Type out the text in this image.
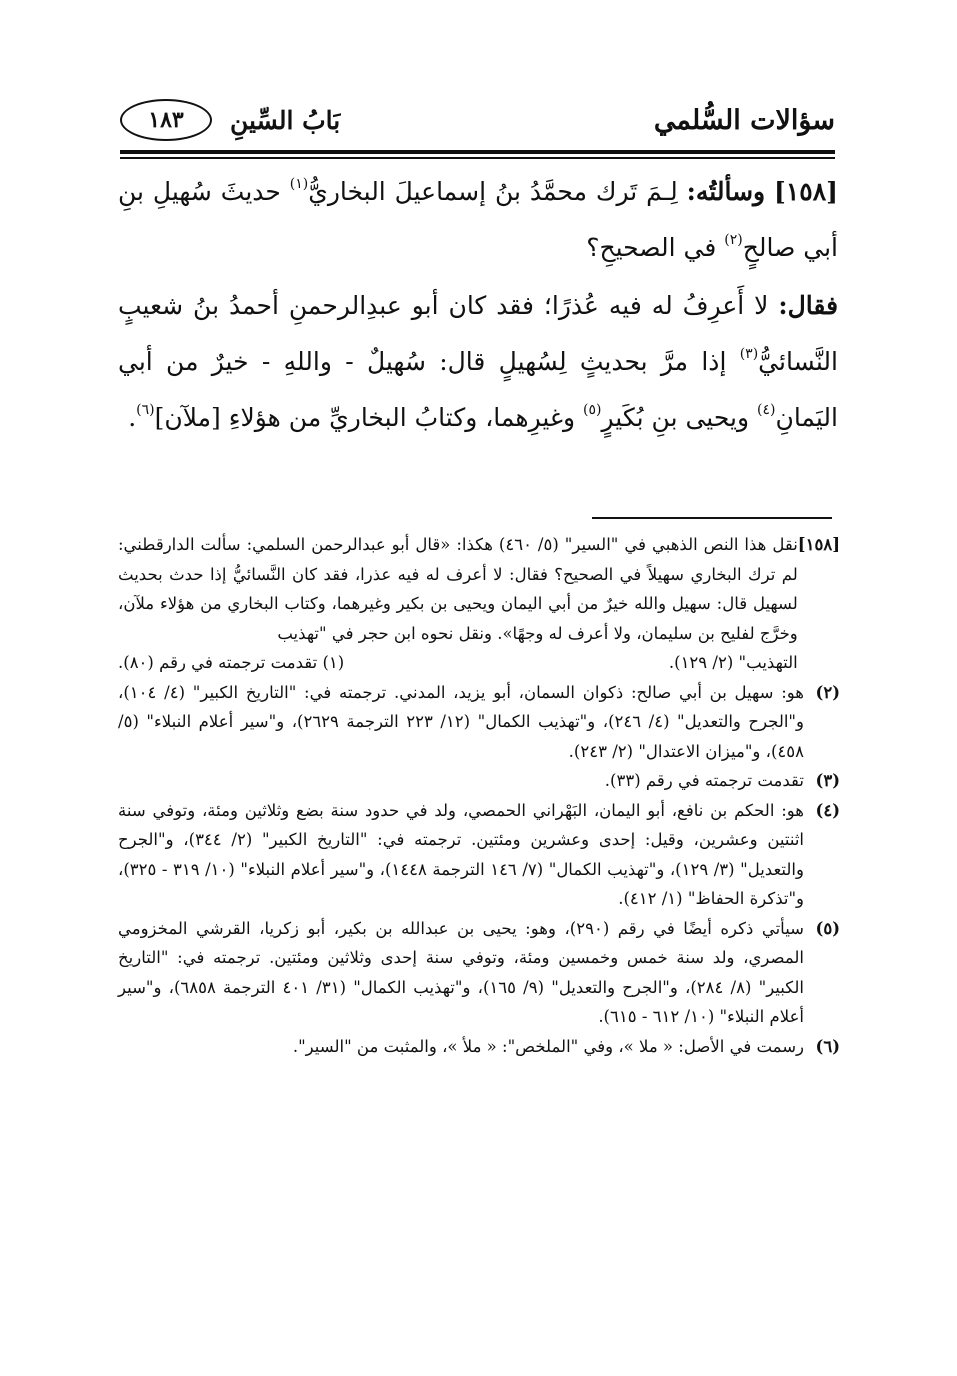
سؤالات السُّلمي
بَابُ السِّينِ
١٨٣

[١٥٨] وسألتُه: لِـمَ تَرك محمَّدُ بنُ إسماعيلَ البخاريُّ$^{(١)}$ حديثَ سُهيلِ بنِ أبي صالحٍ$^{(٢)}$ في الصحيحِ؟

فقال: لا أَعرِفُ له فيه عُذرًا؛ فقد كان أبو عبدِالرحمنِ أحمدُ بنُ شعيبٍ النَّسائيُّ$^{(٣)}$ إذا مرَّ بحديثٍ لِسُهيلٍ قال: سُهيلٌ - واللهِ - خيرٌ من أبي اليَمانِ$^{(٤)}$ ويحيى بنِ بُكَيرٍ$^{(٥)}$ وغيرِهما، وكتابُ البخاريِّ من هؤلاءِ [ملآن]$^{(٦)}$.

[١٥٨]
نقل هذا النص الذهبي في "السير" (٥/ ٤٦٠) هكذا: «قال أبو عبدالرحمن السلمي: سألت الدارقطني: لم ترك البخاري سهيلاً في الصحيح؟ فقال: لا أعرف له فيه عذرا، فقد كان النَّسائيُّ إذا حدث بحديث لسهيل قال: سهيل والله خيرٌ من أبي اليمان ويحيى بن بكير وغيرهما، وكتاب البخاري من هؤلاء ملآن، وخرَّج لفليح بن سليمان، ولا أعرف له وجهًا». ونقل نحوه ابن حجر في "تهذيب
التهذيب" (٢/ ١٢٩).
(١) تقدمت ترجمته في رقم (٨٠).
(٢)
هو: سهيل بن أبي صالح: ذكوان السمان، أبو يزيد، المدني. ترجمته في: "التاريخ الكبير" (٤/ ١٠٤)، و"الجرح والتعديل" (٤/ ٢٤٦)، و"تهذيب الكمال" (١٢/ ٢٢٣ الترجمة ٢٦٢٩)، و"سير أعلام النبلاء" (٥/ ٤٥٨)، و"ميزان الاعتدال" (٢/ ٢٤٣).
(٣)
تقدمت ترجمته في رقم (٣٣).
(٤)
هو: الحكم بن نافع، أبو اليمان، البَهْراني الحمصي، ولد في حدود سنة بضع وثلاثين ومئة، وتوفي سنة اثنتين وعشرين، وقيل: إحدى وعشرين ومئتين. ترجمته في: "التاريخ الكبير" (٢/ ٣٤٤)، و"الجرح والتعديل" (٣/ ١٢٩)، و"تهذيب الكمال" (٧/ ١٤٦ الترجمة ١٤٤٨)، و"سير أعلام النبلاء" (١٠/ ٣١٩ - ٣٢٥)، و"تذكرة الحفاظ" (١/ ٤١٢).
(٥)
سيأتي ذكره أيضًا في رقم (٢٩٠)، وهو: يحيى بن عبدالله بن بكير، أبو زكريا، القرشي المخزومي المصري، ولد سنة خمس وخمسين ومئة، وتوفي سنة إحدى وثلاثين ومئتين. ترجمته في: "التاريخ الكبير" (٨/ ٢٨٤)، و"الجرح والتعديل" (٩/ ١٦٥)، و"تهذيب الكمال" (٣١/ ٤٠١ الترجمة ٦٨٥٨)، و"سير أعلام النبلاء" (١٠/ ٦١٢ - ٦١٥).
(٦)
رسمت في الأصل: « ملا »، وفي "الملخص": « ملأ »، والمثبت من "السير".
